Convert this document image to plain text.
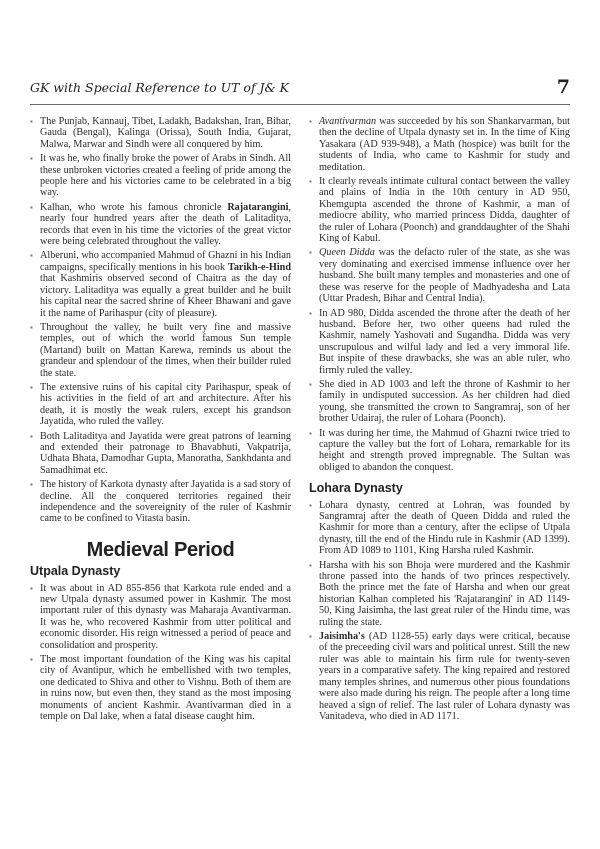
GK with Special Reference to UT of J& K	7
▪ The Punjab, Kannauj, Tibet, Ladakh, Badakshan, Iran, Bihar, Gauda (Bengal), Kalinga (Orissa), South India, Gujarat, Malwa, Marwar and Sindh were all conquered by him.
▪ It was he, who finally broke the power of Arabs in Sindh. All these unbroken victories created a feeling of pride among the people here and his victories came to be celebrated in a big way.
▪ Kalhan, who wrote his famous chronicle Rajatarangini, nearly four hundred years after the death of Lalitaditya, records that even in his time the victories of the great victor were being celebrated throughout the valley.
▪ Alberuni, who accompanied Mahmud of Ghazni in his Indian campaigns, specifically mentions in his book Tarikh-e-Hind that Kashmiris observed second of Chaitra as the day of victory. Lalitaditya was equally a great builder and he built his capital near the sacred shrine of Kheer Bhawani and gave it the name of Parihaspur (city of pleasure).
▪ Throughout the valley, he built very fine and massive temples, out of which the world famous Sun temple (Martand) built on Mattan Karewa, reminds us about the grandeur and splendour of the times, when their builder ruled the state.
▪ The extensive ruins of his capital city Parihaspur, speak of his activities in the field of art and architecture. After his death, it is mostly the weak rulers, except his grandson Jayatida, who ruled the valley.
▪ Both Lalitaditya and Jayatida were great patrons of learning and extended their patronage to Bhavabhuti, Vakpatrija, Udhata Bhata, Damodhar Gupta, Manoratha, Sankhdanta and Samadhimat etc.
▪ The history of Karkota dynasty after Jayatida is a sad story of decline. All the conquered territories regained their independence and the sovereignity of the ruler of Kashmir came to be confined to Vitasta basin.
Medieval Period
Utpala Dynasty
▪ It was about in AD 855-856 that Karkota rule ended and a new Utpala dynasty assumed power in Kashmir. The most important ruler of this dynasty was Maharaja Avantivarman. It was he, who recovered Kashmir from utter political and economic disorder. His reign witnessed a period of peace and consolidation and prosperity.
▪ The most important foundation of the King was his capital city of Avantipur, which he embellished with two temples, one dedicated to Shiva and other to Vishnu. Both of them are in ruins now, but even then, they stand as the most imposing monuments of ancient Kashmir. Avantivarman died in a temple on Dal lake, when a fatal disease caught him.
▪ Avantivarman was succeeded by his son Shankarvarman, but then the decline of Utpala dynasty set in. In the time of King Yasakara (AD 939-948), a Math (hospice) was built for the students of India, who came to Kashmir for study and meditation.
▪ It clearly reveals intimate cultural contact between the valley and plains of India in the 10th century in AD 950, Khemgupta ascended the throne of Kashmir, a man of mediocre ability, who married princess Didda, daughter of the ruler of Lohara (Poonch) and granddaughter of the Shahi King of Kabul.
▪ Queen Didda was the defacto ruler of the state, as she was very dominating and exercised immense influence over her husband. She built many temples and monasteries and one of these was reserve for the people of Madhyadesha and Lata (Uttar Pradesh, Bihar and Central India).
▪ In AD 980, Didda ascended the throne after the death of her husband. Before her, two other queens had ruled the Kashmir, namely Yashovati and Sugandha. Didda was very unscrupulous and wilful lady and led a very immoral life. But inspite of these drawbacks, she was an able ruler, who firmly ruled the valley.
▪ She died in AD 1003 and left the throne of Kashmir to her family in undisputed succession. As her children had died young, she transmitted the crown to Sangramraj, son of her brother Udairaj, the ruler of Lohara (Poonch).
▪ It was during her time, the Mahmud of Ghazni twice tried to capture the valley but the fort of Lohara, remarkable for its height and strength proved impregnable. The Sultan was obliged to abandon the conquest.
Lohara Dynasty
▪ Lohara dynasty, centred at Lohran, was founded by Sangramraj after the death of Queen Didda and ruled the Kashmir for more than a century, after the eclipse of Utpala dynasty, till the end of the Hindu rule in Kashmir (AD 1399). From AD 1089 to 1101, King Harsha ruled Kashmir.
▪ Harsha with his son Bhoja were murdered and the Kashmir throne passed into the hands of two princes respectively. Both the prince met the fate of Harsha and when our great historian Kalhan completed his 'Rajatarangini' in AD 1149-50, King Jaisimha, the last great ruler of the Hindu time, was ruling the state.
▪ Jaisimha's (AD 1128-55) early days were critical, because of the preceeding civil wars and political unrest. Still the new ruler was able to maintain his firm rule for twenty-seven years in a comparative safety. The king repaired and restored many temples shrines, and numerous other pious foundations were also made during his reign. The people after a long time heaved a sign of relief. The last ruler of Lohara dynasty was Vanitadeva, who died in AD 1171.
